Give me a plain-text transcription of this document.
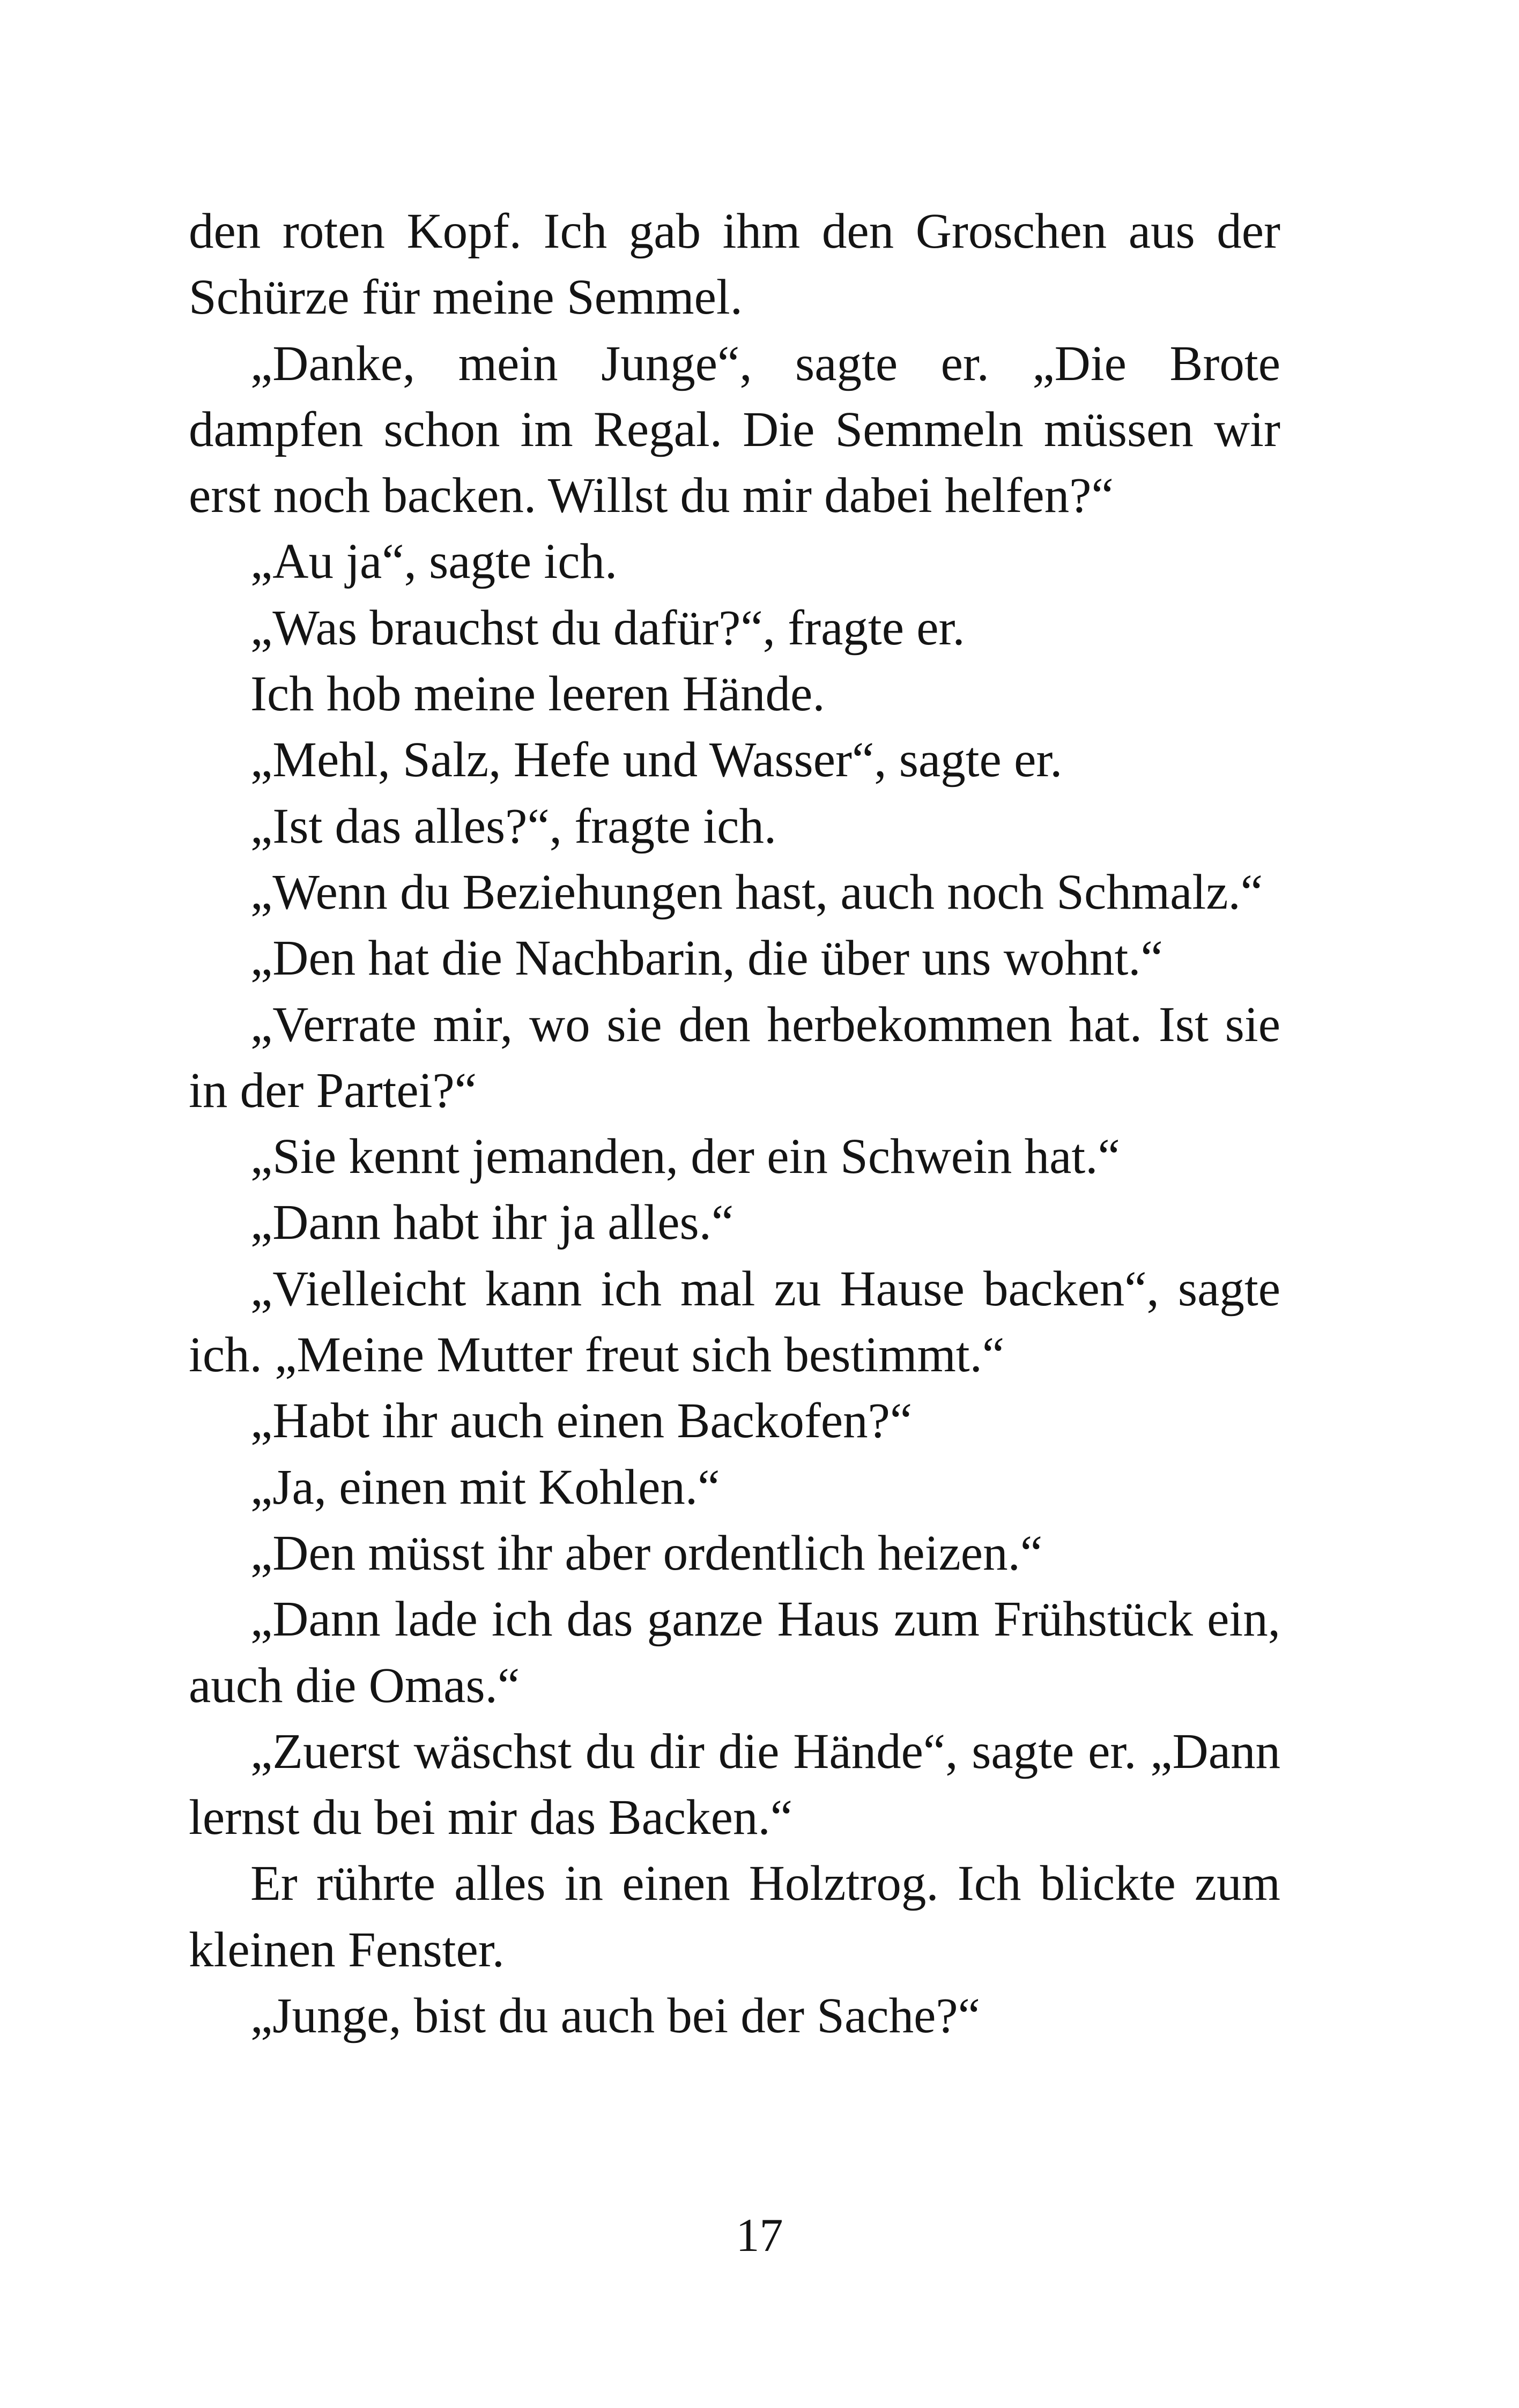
den roten Kopf. Ich gab ihm den Groschen aus der Schürze für meine Semmel.

„Danke, mein Junge“, sagte er. „Die Brote dampfen schon im Regal. Die Semmeln müssen wir erst noch backen. Willst du mir dabei helfen?“

„Au ja“, sagte ich.

„Was brauchst du dafür?“, fragte er.

Ich hob meine leeren Hände.

„Mehl, Salz, Hefe und Wasser“, sagte er.

„Ist das alles?“, fragte ich.

„Wenn du Beziehungen hast, auch noch Schmalz.“

„Den hat die Nachbarin, die über uns wohnt.“

„Verrate mir, wo sie den herbekommen hat. Ist sie in der Partei?“

„Sie kennt jemanden, der ein Schwein hat.“

„Dann habt ihr ja alles.“

„Vielleicht kann ich mal zu Hause backen“, sagte ich. „Meine Mutter freut sich bestimmt.“

„Habt ihr auch einen Backofen?“

„Ja, einen mit Kohlen.“

„Den müsst ihr aber ordentlich heizen.“

„Dann lade ich das ganze Haus zum Frühstück ein, auch die Omas.“

„Zuerst wäschst du dir die Hände“, sagte er. „Dann lernst du bei mir das Backen.“

Er rührte alles in einen Holztrog. Ich blickte zum kleinen Fenster.

„Junge, bist du auch bei der Sache?“

17
